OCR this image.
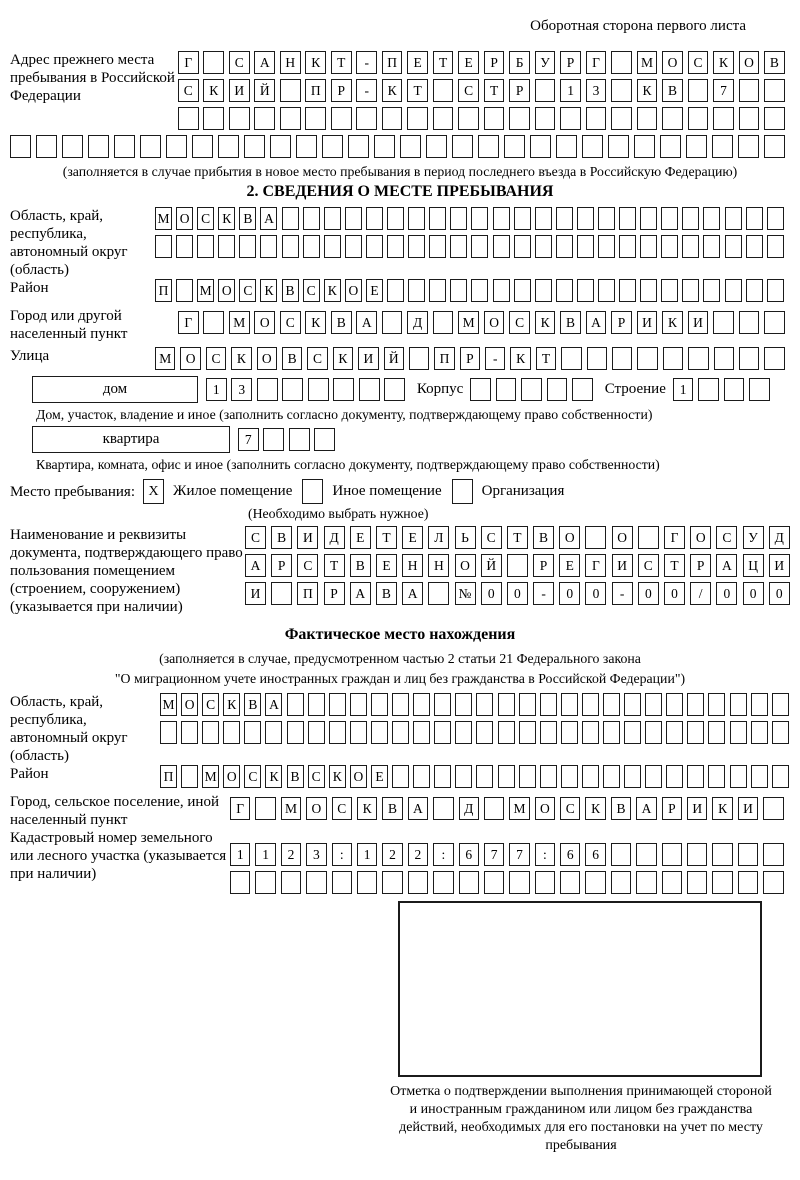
Оборотная сторона первого листа
Адрес прежнего места пребывания в Российской Федерации
Г	С	А	Н	К	Т	-	П	Е	Т	Е	Р	Б	У	Р	Г	М	О	С	К	О	В
С	К	И	Й	П	Р	-	К	Т	С	Т	Р	1	3	К	В	7
(заполняется в случае прибытия в новое место пребывания в период последнего въезда в Российскую Федерацию)
2. СВЕДЕНИЯ О МЕСТЕ ПРЕБЫВАНИЯ
Область, край, республика, автономный округ (область)
М О С К В А
Район	П М О С К В С К О Е
Город или другой населенный пункт
Г	М	О	С	К	В	А	Д	М	О	С	К	В	А	Р	И	К	И
Улица	М	О	С	К	О	В	С	К	И	Й	П	Р	-	К	Т
дом	1	3	Корпус	Строение	1
Дом, участок, владение и иное (заполнить согласно документу, подтверждающему право собственности)
квартира	7
Квартира, комната, офис и иное (заполнить согласно документу, подтверждающему право собственности)
Место пребывания: X Жилое помещение	Иное помещение	Организация
(Необходимо выбрать нужное)
Наименование и реквизиты документа, подтверждающего право пользования помещением (строением, сооружением) (указывается при наличии)
С	В	И	Д	Е	Т	Е	Л	Ь	С	Т	В	О	О	Г	О	С	У	Д
А	Р	С	Т	В	Е	Н	Н	О	Й	Р	Е	Г	И	С	Т	Р	А	Ц	И
И	П	Р	А	В	А	№	0	0	-	0	0	-	0	0	/	0	0	0
Фактическое место нахождения
(заполняется в случае, предусмотренном частью 2 статьи 21 Федерального закона
"О миграционном учете иностранных граждан и лиц без гражданства в Российской Федерации")
Область, край, республика, автономный округ (область)
М О С К В А
Район	П М О С К В С К О Е
Город, сельское поселение, иной населенный пункт
Г	М	О	С	К	В	А	Д	М	О	С	К	В	А	Р	И	К	И
Кадастровый номер земельного или лесного участка (указывается при наличии)
1	1	2	3	:	1	2	2	:	6	7	7	:	6	6
Отметка о подтверждении выполнения принимающей стороной и иностранным гражданином или лицом без гражданства действий, необходимых для его постановки на учет по месту пребывания
